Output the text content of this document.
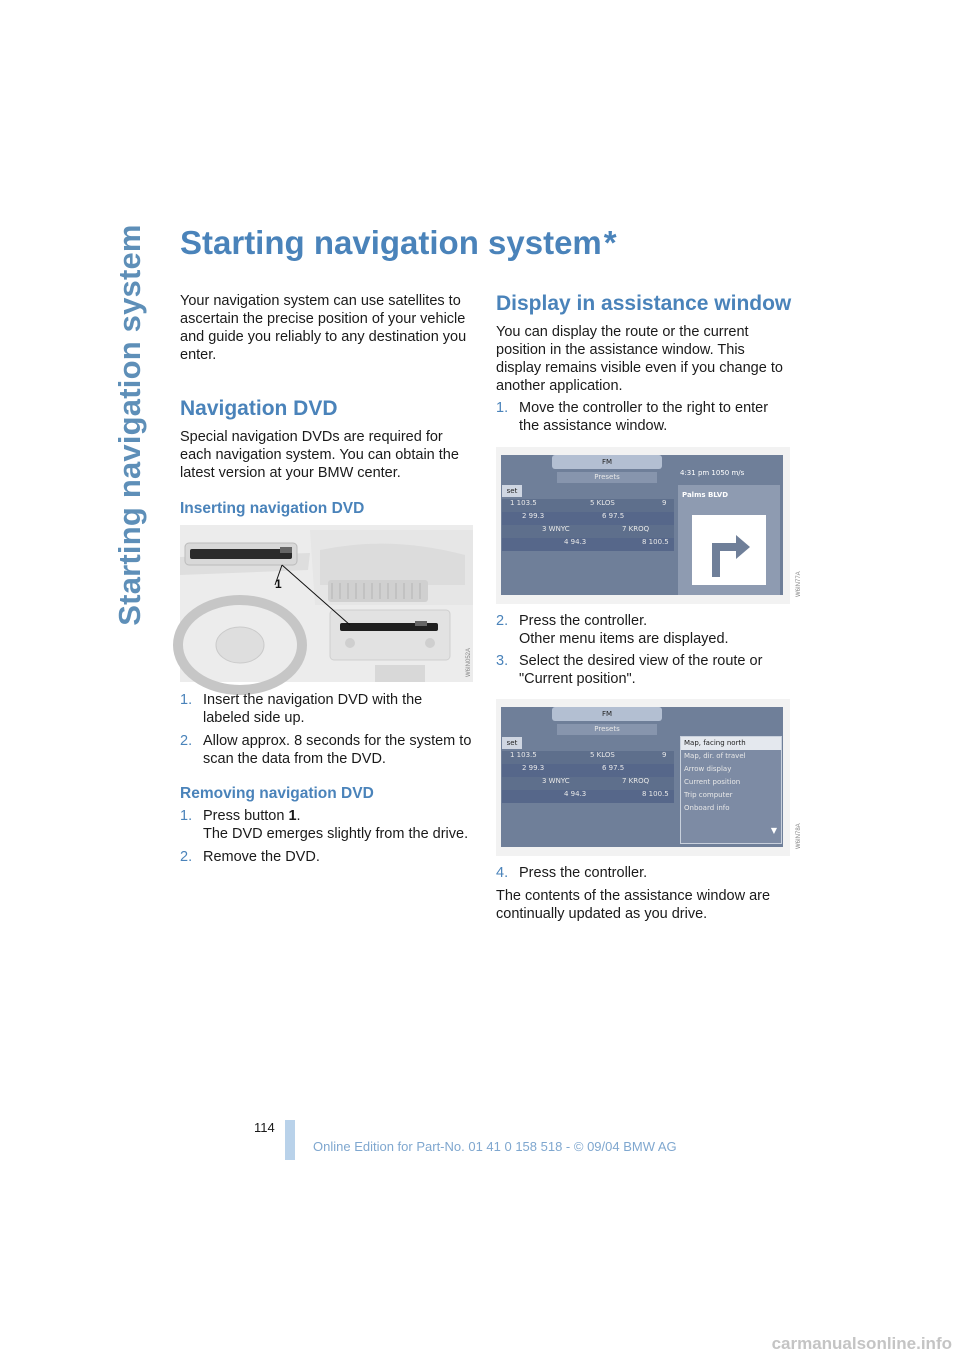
Starting navigation system Starting navigation system*
Your navigation system can use satellites to ascertain the precise position of your vehicle and guide you reliably to any destination you enter.
Navigation DVD
Special navigation DVDs are required for each navigation system. You can obtain the latest version at your BMW center.
Inserting navigation DVD
1
W6IN052A
1. Insert the navigation DVD with the labeled side up.
2. Allow approx. 8 seconds for the system to scan the data from the DVD.
Removing navigation DVD
1. Press button 1.
The DVD emerges slightly from the drive.
2. Remove the DVD.
Display in assistance window
You can display the route or the current position in the assistance window. This display remains visible even if you change to another application.
1. Move the controller to the right to enter the assistance window.
FM
Presets
set
1 103.5	5 KLOS	9
2 99.3	6 97.5
3 WNYC	7 KROQ
4 94.3	8 100.5
4:31 pm 1050 m/s
Palms BLVD
W6IN77A
2. Press the controller.
Other menu items are displayed.
3. Select the desired view of the route or "Current position".
FM
Presets
set
1 103.5	5 KLOS	9
2 99.3	6 97.5
3 WNYC	7 KROQ
4 94.3	8 100.5
Map, facing north
Map, dir. of travel
Arrow display
Current position
Trip computer
Onboard info
▼	W6IN78A
4. Press the controller.
The contents of the assistance window are continually updated as you drive.
114
Online Edition for Part-No. 01 41 0 158 518 - © 09/04 BMW AG
carmanualsonline.info
